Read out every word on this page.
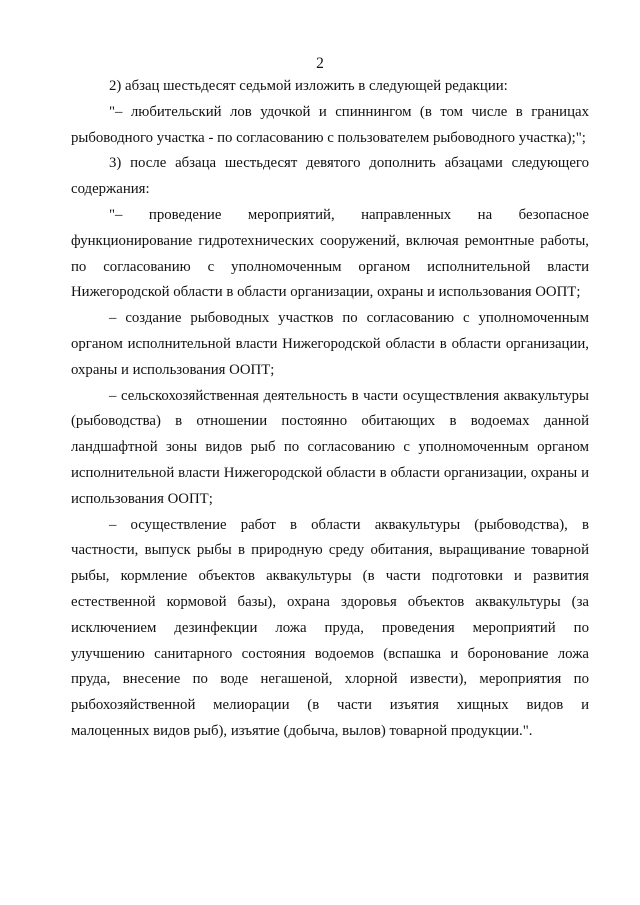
2

2) абзац шестьдесят седьмой изложить в следующей редакции:

"– любительский лов удочкой и спиннингом (в том числе в границах рыбоводного участка - по согласованию с пользователем рыбоводного участка);";

3) после абзаца шестьдесят девятого дополнить абзацами следующего содержания:

"– проведение мероприятий, направленных на безопасное функционирование гидротехнических сооружений, включая ремонтные работы, по согласованию с уполномоченным органом исполнительной власти Нижегородской области в области организации, охраны и использования ООПТ;

– создание рыбоводных участков по согласованию с уполномоченным органом исполнительной власти Нижегородской области в области организации, охраны и использования ООПТ;

– сельскохозяйственная деятельность в части осуществления аквакультуры (рыбоводства) в отношении постоянно обитающих в водоемах данной ландшафтной зоны видов рыб по согласованию с уполномоченным органом исполнительной власти Нижегородской области в области организации, охраны и использования ООПТ;

– осуществление работ в области аквакультуры (рыбоводства), в
частности, выпуск рыбы в природную среду обитания, выращивание товарной
рыбы, кормление объектов аквакультуры (в части подготовки и развития
естественной кормовой базы), охрана здоровья объектов аквакультуры (за
исключением дезинфекции ложа пруда, проведения мероприятий по
улучшению санитарного состояния водоемов (вспашка и боронование ложа
пруда, внесение по воде негашеной, хлорной извести), мероприятия по
рыбохозяйственной мелиорации (в части изъятия хищных видов и
малоценных видов рыб), изъятие (добыча, вылов) товарной продукции.".
